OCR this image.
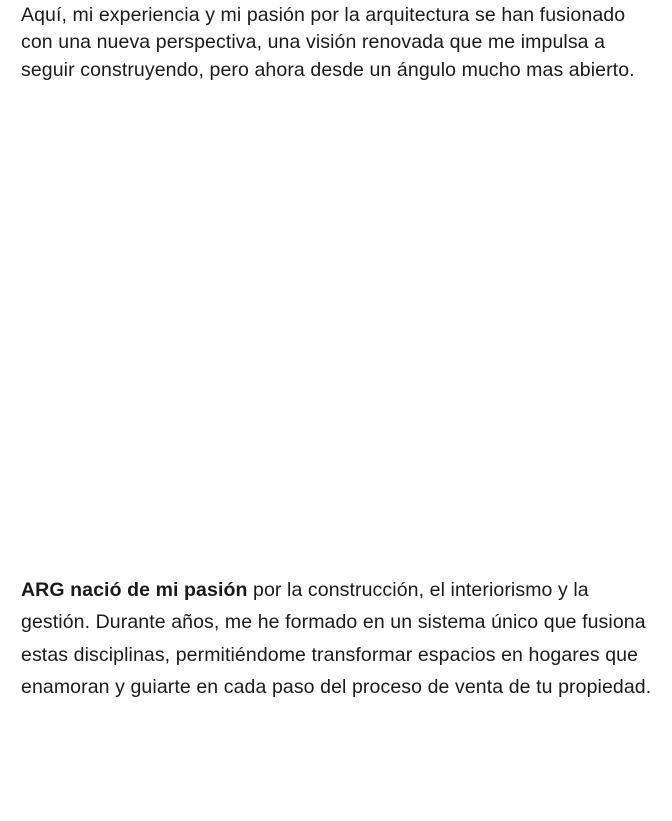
Aquí, mi experiencia y mi pasión por la arquitectura se han fusionado con una nueva perspectiva, una visión renovada que me impulsa a seguir construyendo, pero ahora desde un ángulo mucho mas abierto.

ARG nació de mi pasión por la construcción, el interiorismo y la gestión. Durante años, me he formado en un sistema único que fusiona estas disciplinas, permitiéndome transformar espacios en hogares que enamoran y guiarte en cada paso del proceso de venta de tu propiedad.
